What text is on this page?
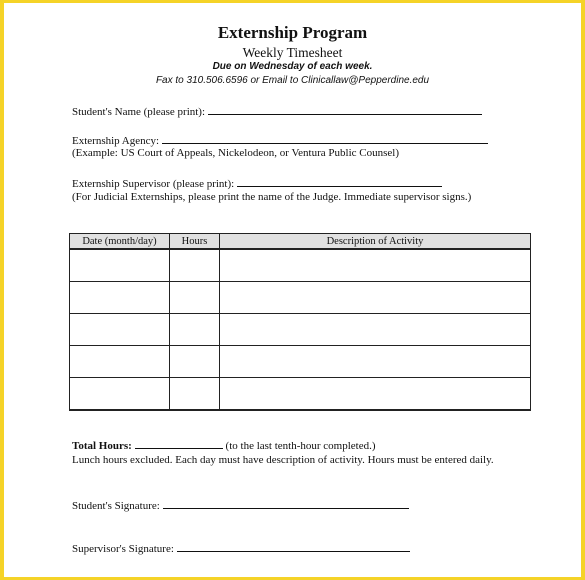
Externship Program
Weekly Timesheet
Due on Wednesday of each week.
Fax to 310.506.6596 or Email to Clinicallaw@Pepperdine.edu
Student's Name (please print):
Externship Agency:
(Example: US Court of Appeals, Nickelodeon, or Ventura Public Counsel)
Externship Supervisor (please print):
(For Judicial Externships, please print the name of the Judge. Immediate supervisor signs.)
Date (month/day)	Hours	Description of Activity

Total Hours:	(to the last tenth-hour completed.)
Lunch hours excluded. Each day must have description of activity. Hours must be entered daily.
Student's Signature:
Supervisor's Signature:
